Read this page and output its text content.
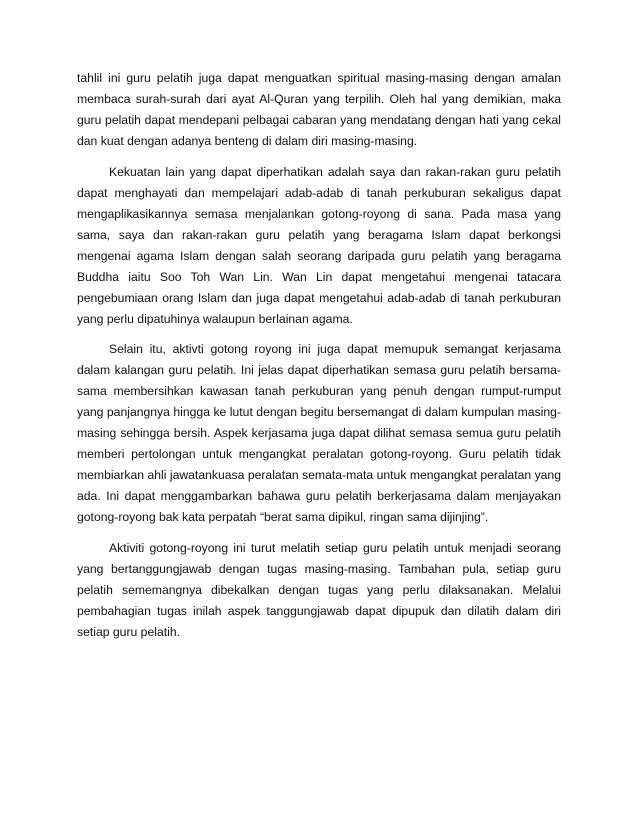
tahlil ini guru pelatih juga dapat menguatkan spiritual masing-masing dengan amalan membaca surah-surah dari ayat Al-Quran yang terpilih. Oleh hal yang demikian, maka guru pelatih dapat mendepani pelbagai cabaran yang mendatang dengan hati yang cekal dan kuat dengan adanya benteng di dalam diri masing-masing.

Kekuatan lain yang dapat diperhatikan adalah saya dan rakan-rakan guru pelatih dapat menghayati dan mempelajari adab-adab di tanah perkuburan sekaligus dapat mengaplikasikannya semasa menjalankan gotong-royong di sana. Pada masa yang sama, saya dan rakan-rakan guru pelatih yang beragama Islam dapat berkongsi mengenai agama Islam dengan salah seorang daripada guru pelatih yang beragama Buddha iaitu Soo Toh Wan Lin. Wan Lin dapat mengetahui mengenai tatacara pengebumiaan orang Islam dan juga dapat mengetahui adab-adab di tanah perkuburan yang perlu dipatuhinya walaupun berlainan agama.

Selain itu, aktivti gotong royong ini juga dapat memupuk semangat kerjasama dalam kalangan guru pelatih. Ini jelas dapat diperhatikan semasa guru pelatih bersama-sama membersihkan kawasan tanah perkuburan yang penuh dengan rumput-rumput yang panjangnya hingga ke lutut dengan begitu bersemangat di dalam kumpulan masing-masing sehingga bersih. Aspek kerjasama juga dapat dilihat semasa semua guru pelatih memberi pertolongan untuk mengangkat peralatan gotong-royong. Guru pelatih tidak membiarkan ahli jawatankuasa peralatan semata-mata untuk mengangkat peralatan yang ada. Ini dapat menggambarkan bahawa guru pelatih berkerjasama dalam menjayakan gotong-royong bak kata perpatah “berat sama dipikul, ringan sama dijinjing”.

Aktiviti gotong-royong ini turut melatih setiap guru pelatih untuk menjadi seorang yang bertanggungjawab dengan tugas masing-masing. Tambahan pula, setiap guru pelatih sememangnya dibekalkan dengan tugas yang perlu dilaksanakan. Melalui pembahagian tugas inilah aspek tanggungjawab dapat dipupuk dan dilatih dalam diri setiap guru pelatih.
